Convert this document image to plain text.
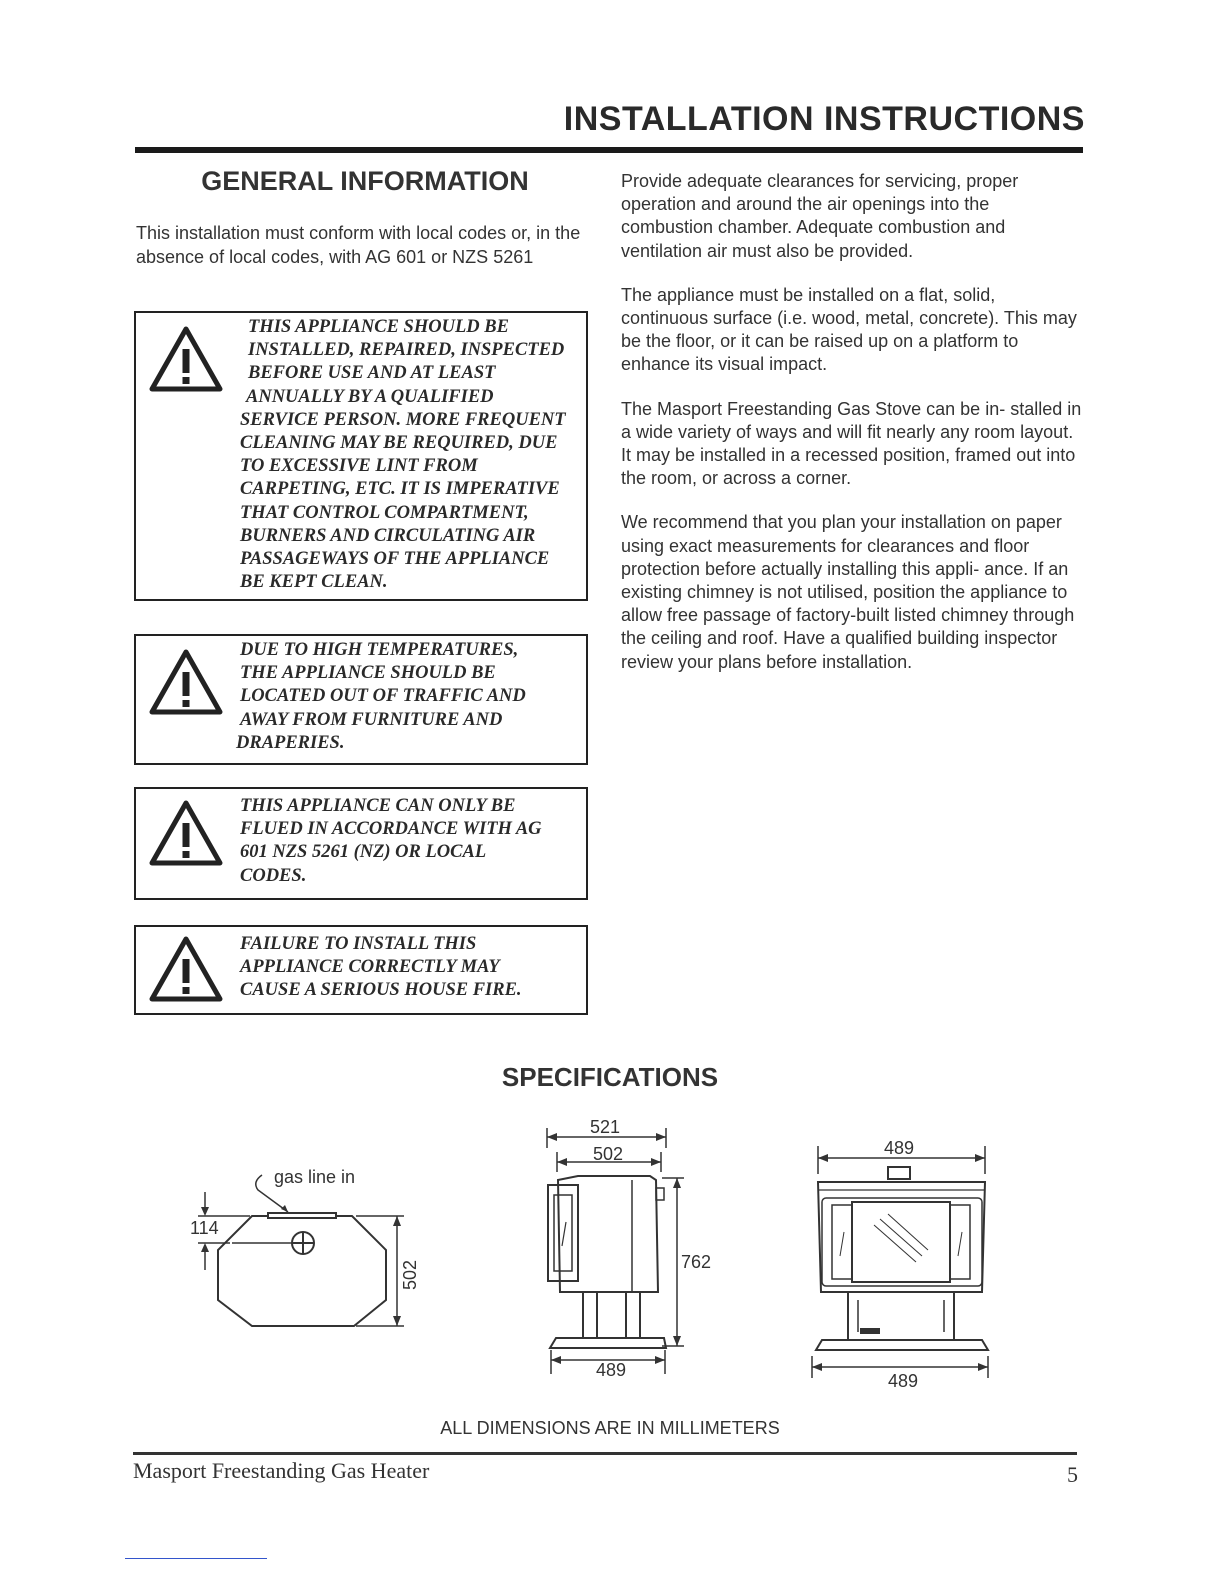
INSTALLATION INSTRUCTIONS
GENERAL INFORMATION
This installation must conform with local codes or, in the absence of local codes, with AG 601 or NZS 5261
THIS APPLIANCE SHOULD BE
INSTALLED, REPAIRED, INSPECTED
BEFORE USE AND AT LEAST
ANNUALLY BY A QUALIFIED
SERVICE PERSON. MORE FREQUENT
CLEANING MAY BE REQUIRED, DUE
TO EXCESSIVE LINT FROM
CARPETING, ETC. IT IS IMPERATIVE
THAT CONTROL COMPARTMENT,
BURNERS AND CIRCULATING AIR
PASSAGEWAYS OF THE APPLIANCE
BE KEPT CLEAN.
DUE TO HIGH TEMPERATURES,
THE APPLIANCE SHOULD BE
LOCATED OUT OF TRAFFIC AND
AWAY FROM FURNITURE AND
DRAPERIES.
THIS APPLIANCE CAN ONLY BE
FLUED IN ACCORDANCE WITH AG
601 NZS 5261 (NZ) OR LOCAL
CODES.
FAILURE TO INSTALL THIS
APPLIANCE CORRECTLY MAY
CAUSE A SERIOUS HOUSE FIRE.

Provide adequate clearances for servicing, proper operation and around the air openings into the combustion chamber. Adequate combustion and ventilation air must also be provided.

The appliance must be installed on a flat, solid, continuous surface (i.e. wood, metal, concrete). This may be the floor, or it can be raised up on a platform to enhance its visual impact.

The Masport Freestanding Gas Stove can be in- stalled in a wide variety of ways and will fit nearly any room layout. It may be installed in a recessed position, framed out into the room, or across a corner.

We recommend that you plan your installation on paper using exact measurements for clearances and floor protection before actually installing this appli- ance. If an existing chimney is not utilised, position the appliance to allow free passage of factory-built listed chimney through the ceiling and roof. Have a qualified building inspector review your plans before installation.

SPECIFICATIONS
gas line in
114
502
521
502
762
489
489
489
ALL DIMENSIONS ARE IN MILLIMETERS
Masport Freestanding Gas Heater	5
